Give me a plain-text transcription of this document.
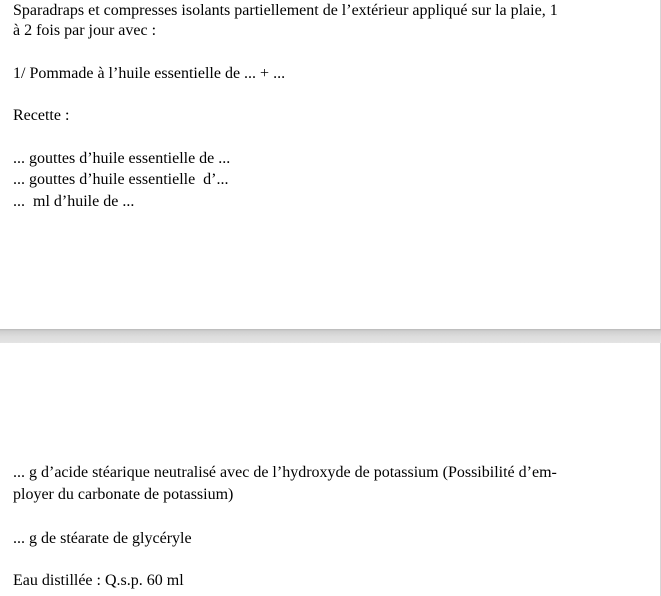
Sparadraps et compresses isolants partiellement de l’extérieur appliqué sur la plaie, 1
à 2 fois par jour avec :
1/ Pommade à l’huile essentielle de ... + ...
Recette :
... gouttes d’huile essentielle de ...
... gouttes d’huile essentielle  d’...
...  ml d’huile de ...
... g d’acide stéarique neutralisé avec de l’hydroxyde de potassium (Possibilité d’em-
ployer du carbonate de potassium)
... g de stéarate de glycéryle
Eau distillée : Q.s.p. 60 ml
